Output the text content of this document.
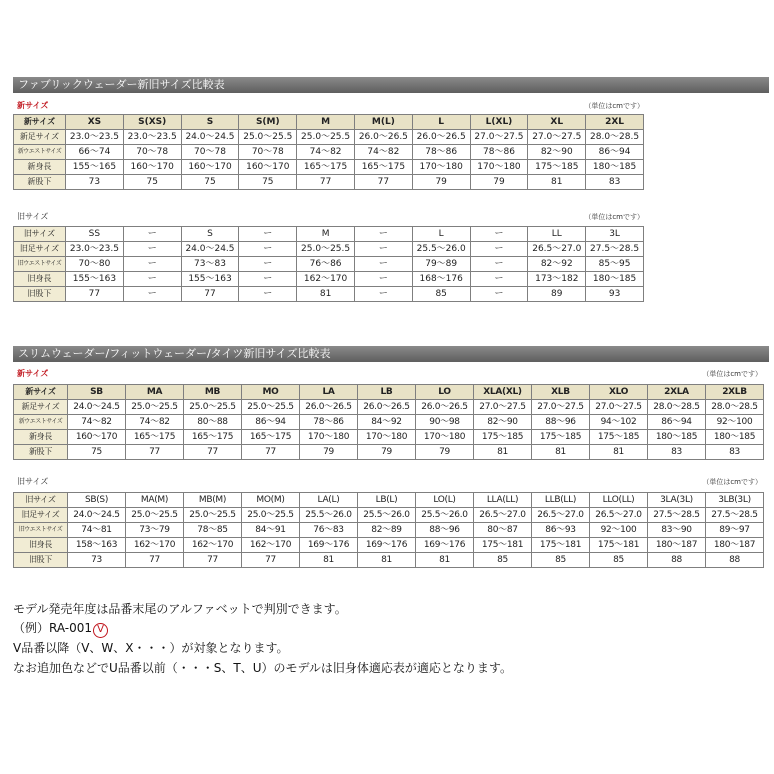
ファブリックウェーダー新旧サイズ比較表
新サイズ	（単位はcmです）
新サイズ	XS	S(XS)	S	S(M)	M	M(L)	L	L(XL)	XL	2XL
新足サイズ	23.0～23.5	23.0～23.5	24.0～24.5	25.0～25.5	25.0～25.5	26.0～26.5	26.0～26.5	27.0～27.5	27.0～27.5	28.0～28.5
新ウエストサイズ	66～74	70～78	70～78	70～78	74～82	74～82	78～86	78～86	82～90	86～94
新身長	155～165	160～170	160～170	160～170	165～175	165～175	170～180	170～180	175～185	180～185
新股下	73	75	75	75	77	77	79	79	81	83
旧サイズ	（単位はcmです）
旧サイズ	SS	ー	S	ー	M	ー	L	ー	LL	3L
旧足サイズ	23.0～23.5	ー	24.0～24.5	ー	25.0～25.5	ー	25.5～26.0	ー	26.5～27.0	27.5～28.5
旧ウエストサイズ	70～80	ー	73～83	ー	76～86	ー	79～89	ー	82～92	85～95
旧身長	155～163	ー	155～163	ー	162～170	ー	168～176	ー	173～182	180～185
旧股下	77	ー	77	ー	81	ー	85	ー	89	93
スリムウェーダー/フィットウェーダー/タイツ新旧サイズ比較表
新サイズ	（単位はcmです）
新サイズ	SB	MA	MB	MO	LA	LB	LO	XLA(XL)	XLB	XLO	2XLA	2XLB
新足サイズ	24.0～24.5	25.0～25.5	25.0～25.5	25.0～25.5	26.0～26.5	26.0～26.5	26.0～26.5	27.0～27.5	27.0～27.5	27.0～27.5	28.0～28.5	28.0～28.5
新ウエストサイズ	74～82	74～82	80～88	86～94	78～86	84～92	90～98	82～90	88～96	94～102	86～94	92～100
新身長	160～170	165～175	165～175	165～175	170～180	170～180	170～180	175～185	175～185	175～185	180～185	180～185
新股下	75	77	77	77	79	79	79	81	81	81	83	83
旧サイズ	（単位はcmです）
旧サイズ	SB(S)	MA(M)	MB(M)	MO(M)	LA(L)	LB(L)	LO(L)	LLA(LL)	LLB(LL)	LLO(LL)	3LA(3L)	3LB(3L)
旧足サイズ	24.0～24.5	25.0～25.5	25.0～25.5	25.0～25.5	25.5～26.0	25.5～26.0	25.5～26.0	26.5～27.0	26.5～27.0	26.5～27.0	27.5～28.5	27.5～28.5
旧ウエストサイズ	74～81	73～79	78～85	84～91	76～83	82～89	88～96	80～87	86～93	92～100	83～90	89～97
旧身長	158～163	162～170	162～170	162～170	169～176	169～176	169～176	175～181	175～181	175～181	180～187	180～187
旧股下	73	77	77	77	81	81	81	85	85	85	88	88
モデル発売年度は品番末尾のアルファベットで判別できます。
（例）RA-001 V
V品番以降（V、W、X・・・）が対象となります。
なお追加色などでU品番以前（・・・S、T、U）のモデルは旧身体適応表が適応となります。
